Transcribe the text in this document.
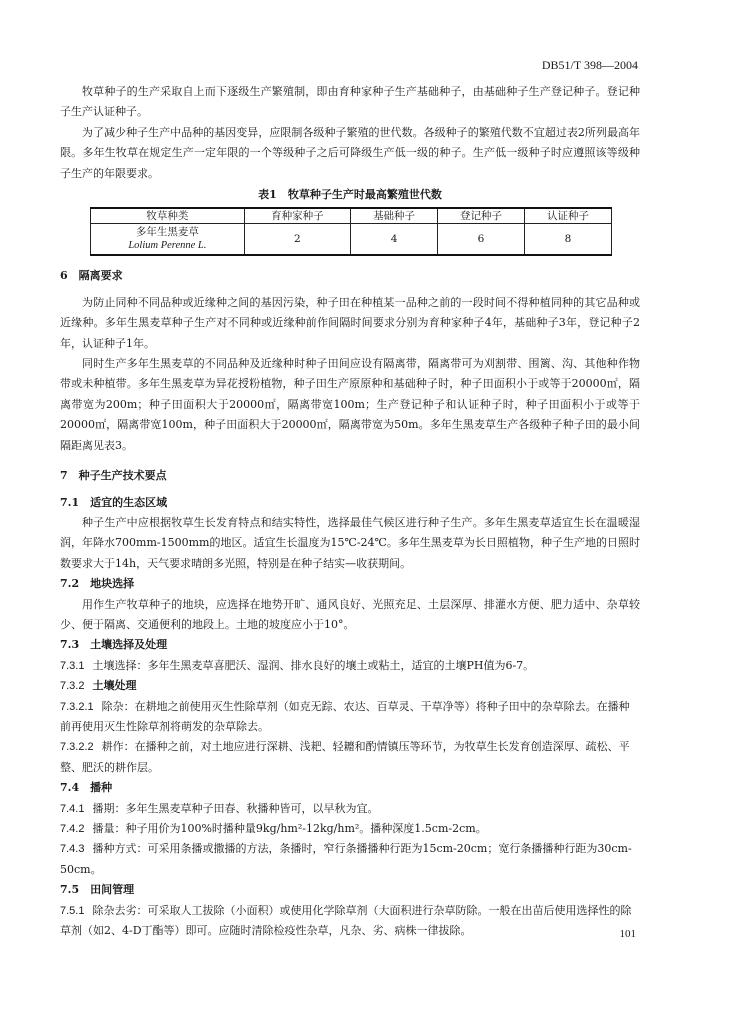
DB51/T 398—2004

牧草种子的生产采取自上而下逐级生产繁殖制，即由育种家种子生产基础种子，由基础种子生产登记种子。登记种子生产认证种子。

为了减少种子生产中品种的基因变异，应限制各级种子繁殖的世代数。各级种子的繁殖代数不宜超过表2所列最高年限。多年生牧草在规定生产一定年限的一个等级种子之后可降级生产低一级的种子。生产低一级种子时应遵照该等级种子生产的年限要求。

表1　牧草种子生产时最高繁殖世代数
牧草种类	育种家种子	基础种子	登记种子	认证种子

多年生黑麦草
Lolium Perenne L.	2	4	6	8

6　隔离要求

为防止同种不同品种或近缘种之间的基因污染，种子田在种植某一品种之前的一段时间不得种植同种的其它品种或近缘种。多年生黑麦草种子生产对不同种或近缘种前作间隔时间要求分别为育种家种子4年，基础种子3年，登记种子2年，认证种子1年。

同时生产多年生黑麦草的不同品种及近缘种时种子田间应设有隔离带，隔离带可为刈割带、围篱、沟、其他种作物带或未种植带。多年生黑麦草为异花授粉植物，种子田生产原原种和基础种子时，种子田面积小于或等于20000㎡，隔离带宽为200m；种子田面积大于20000㎡，隔离带宽100m；生产登记种子和认证种子时，种子田面积小于或等于20000㎡，隔离带宽100m，种子田面积大于20000㎡，隔离带宽为50m。多年生黑麦草生产各级种子种子田的最小间隔距离见表3。

7　种子生产技术要点

7.1　适宜的生态区域

种子生产中应根据牧草生长发育特点和结实特性，选择最佳气候区进行种子生产。多年生黑麦草适宜生长在温暖湿润，年降水700mm-1500mm的地区。适宜生长温度为15℃-24℃。多年生黑麦草为长日照植物，种子生产地的日照时数要求大于14h，天气要求晴朗多光照，特别是在种子结实—收获期间。

7.2　地块选择

用作生产牧草种子的地块，应选择在地势开旷、通风良好、光照充足、土层深厚、排灌水方便、肥力适中、杂草较少、便于隔离、交通便利的地段上。土地的坡度应小于10°。

7.3　土壤选择及处理

7.3.1 土壤选择：多年生黑麦草喜肥沃、湿润、排水良好的壤土或粘土，适宜的土壤PH值为6-7。

7.3.2 土壤处理

7.3.2.1 除杂：在耕地之前使用灭生性除草剂（如克无踪、农达、百草灵、干草净等）将种子田中的杂草除去。在播种前再使用灭生性除草剂将萌发的杂草除去。

7.3.2.2 耕作：在播种之前，对土地应进行深耕、浅耙、轻耱和酌情镇压等环节，为牧草生长发育创造深厚、疏松、平整、肥沃的耕作层。

7.4　播种

7.4.1 播期：多年生黑麦草种子田春、秋播种皆可，以早秋为宜。

7.4.2 播量：种子用价为100%时播种量9kg/hm²-12kg/hm²。播种深度1.5cm-2cm。

7.4.3 播种方式：可采用条播或撒播的方法，条播时，窄行条播播种行距为15cm-20cm；宽行条播播种行距为30cm-50cm。

7.5　田间管理

7.5.1 除杂去劣：可采取人工拔除（小面积）或使用化学除草剂（大面积进行杂草防除。一般在出苗后使用选择性的除草剂（如2、4-D丁酯等）即可。应随时清除检疫性杂草，凡杂、劣、病株一律拔除。	101
